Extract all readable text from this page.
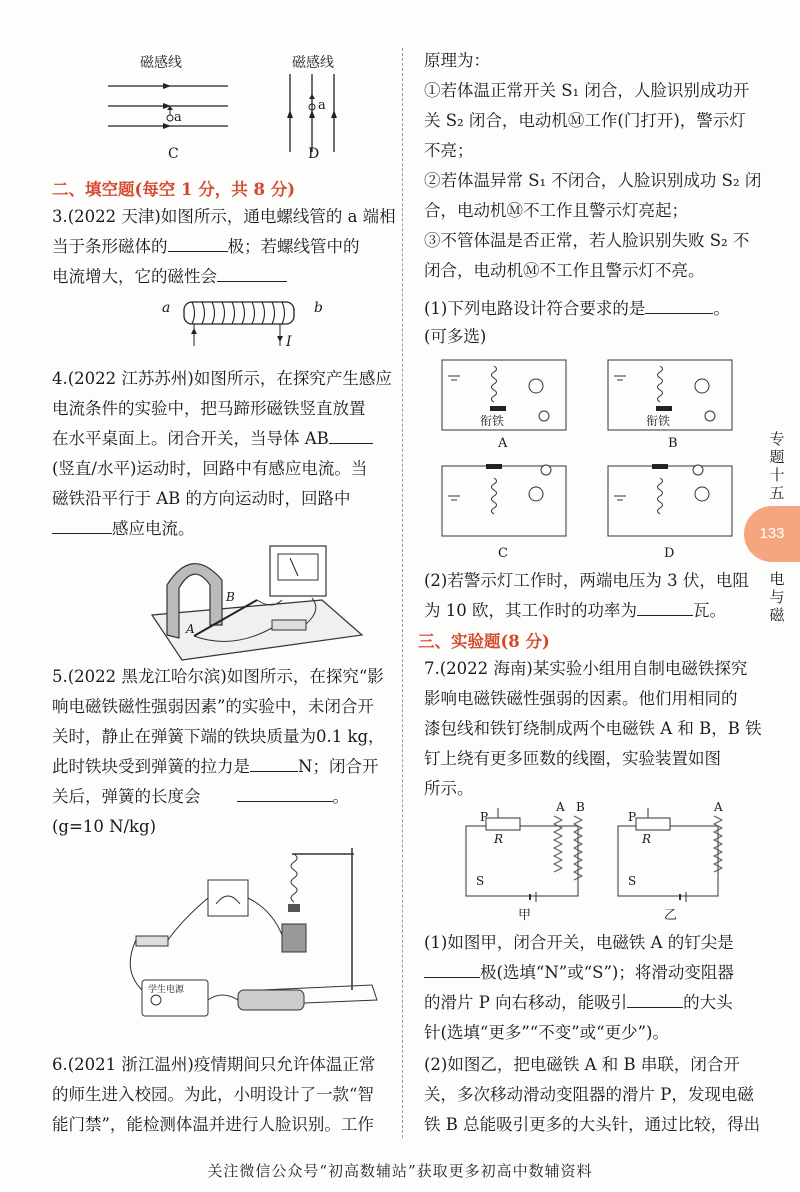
磁感线
a
C
磁感线
a
D
二、填空题(每空 1 分，共 8 分)
3.(2022 天津)如图所示，通电螺线管的 a 端相
当于条形磁体的	极；若螺线管中的
电流增大，它的磁性会
a	b
I
4.(2022 江苏苏州)如图所示，在探究产生感应
电流条件的实验中，把马蹄形磁铁竖直放置
在水平桌面上。闭合开关，当导体 AB
(竖直/水平)运动时，回路中有感应电流。当
磁铁沿平行于 AB 的方向运动时，回路中
感应电流。
A
B
5.(2022 黑龙江哈尔滨)如图所示，在探究“影
响电磁铁磁性强弱因素”的实验中，未闭合开
关时，静止在弹簧下端的铁块质量为0.1 kg，
此时铁块受到弹簧的拉力是	N；闭合开
关后，弹簧的长度会	。
(g=10 N/kg)
学生电源
6.(2021 浙江温州)疫情期间只允许体温正常
的师生进入校园。为此，小明设计了一款“智
能门禁”，能检测体温并进行人脸识别。工作
原理为：
①若体温正常开关 S₁ 闭合，人脸识别成功开
关 S₂ 闭合，电动机Ⓜ工作(门打开)，警示灯
不亮；
②若体温异常 S₁ 不闭合，人脸识别成功 S₂ 闭
合，电动机Ⓜ不工作且警示灯亮起；
③不管体温是否正常，若人脸识别失败 S₂ 不
闭合，电动机Ⓜ不工作且警示灯不亮。
(1)下列电路设计符合要求的是	。
(可多选)
A
衔铁
B
衔铁
C	D
(2)若警示灯工作时，两端电压为 3 伏，电阻
为 10 欧，其工作时的功率为	瓦。
三、实验题(8 分)
7.(2022 海南)某实验小组用自制电磁铁探究
影响电磁铁磁性强弱的因素。他们用相同的
漆包线和铁钉绕制成两个电磁铁 A 和 B，B 铁
钉上绕有更多匝数的线圈，实验装置如图
所示。
P
R
S
A B
甲
P
R
S
A
乙
(1)如图甲，闭合开关，电磁铁 A 的钉尖是
极(选填“N”或“S”)；将滑动变阻器
的滑片 P 向右移动，能吸引	的大头
针(选填“更多”“不变”或“更少”)。
(2)如图乙，把电磁铁 A 和 B 串联，闭合开
关，多次移动滑动变阻器的滑片 P，发现电磁
铁 B 总能吸引更多的大头针，通过比较，得出
专
题
十
五
133
电
与
磁
关注微信公众号“初高数辅站”获取更多初高中数辅资料
